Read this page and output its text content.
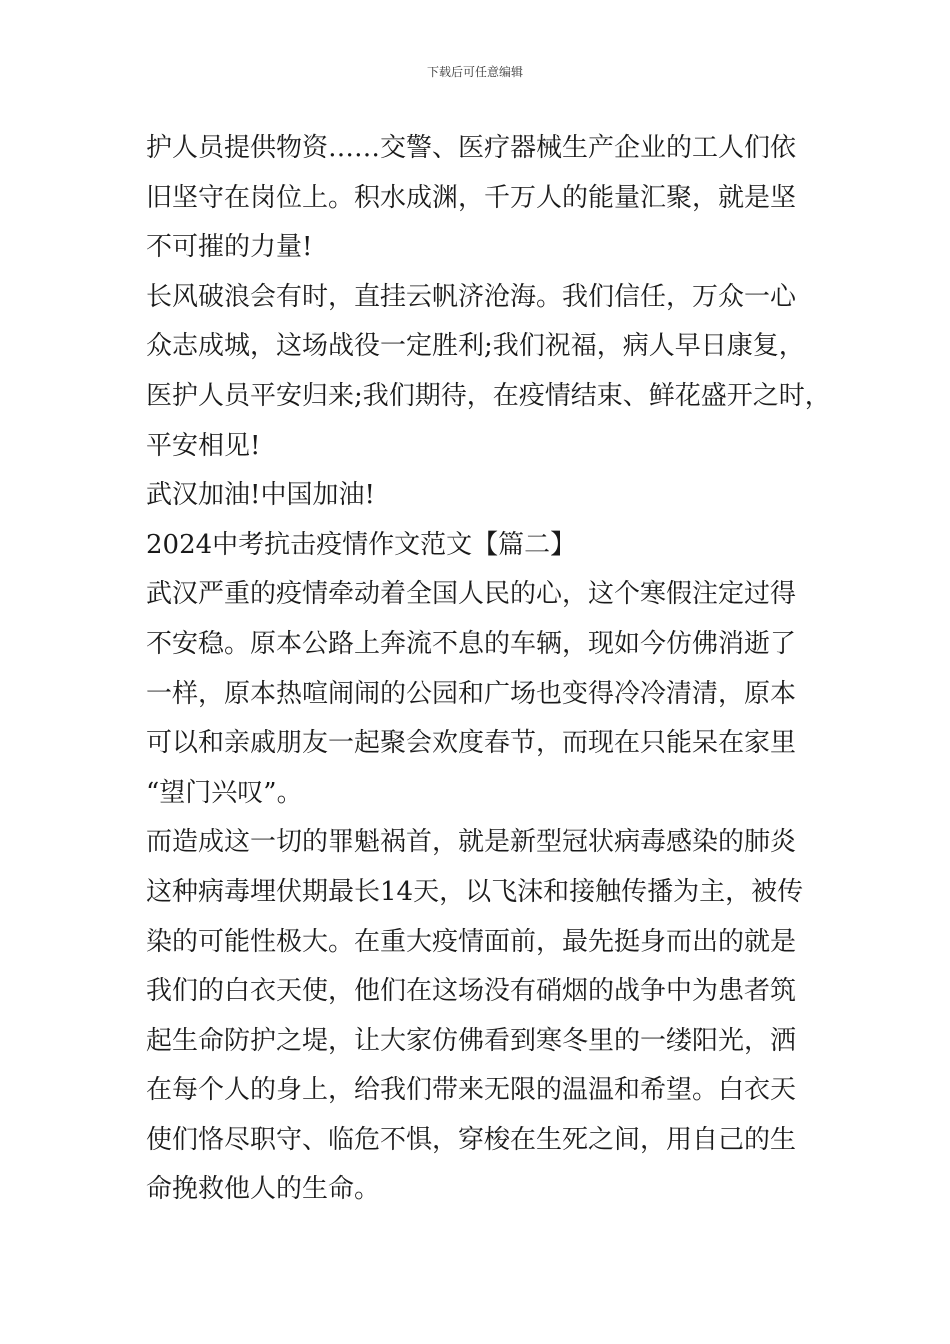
下载后可任意编辑
护人员提供物资……交警、医疗器械生产企业的工人们依
旧坚守在岗位上。积水成渊，千万人的能量汇聚，就是坚
不可摧的力量!
长风破浪会有时，直挂云帆济沧海。我们信任，万众一心
众志成城，这场战役一定胜利;我们祝福，病人早日康复，
医护人员平安归来;我们期待，在疫情结束、鲜花盛开之时，
平安相见!
武汉加油!中国加油!
2024中考抗击疫情作文范文【篇二】
武汉严重的疫情牵动着全国人民的心，这个寒假注定过得
不安稳。原本公路上奔流不息的车辆，现如今仿佛消逝了
一样，原本热喧闹闹的公园和广场也变得冷冷清清，原本
可以和亲戚朋友一起聚会欢度春节，而现在只能呆在家里
“望门兴叹”。
而造成这一切的罪魁祸首，就是新型冠状病毒感染的肺炎
这种病毒埋伏期最长14天，以飞沫和接触传播为主，被传
染的可能性极大。在重大疫情面前，最先挺身而出的就是
我们的白衣天使，他们在这场没有硝烟的战争中为患者筑
起生命防护之堤，让大家仿佛看到寒冬里的一缕阳光，洒
在每个人的身上，给我们带来无限的温温和希望。白衣天
使们恪尽职守、临危不惧，穿梭在生死之间，用自己的生
命挽救他人的生命。
